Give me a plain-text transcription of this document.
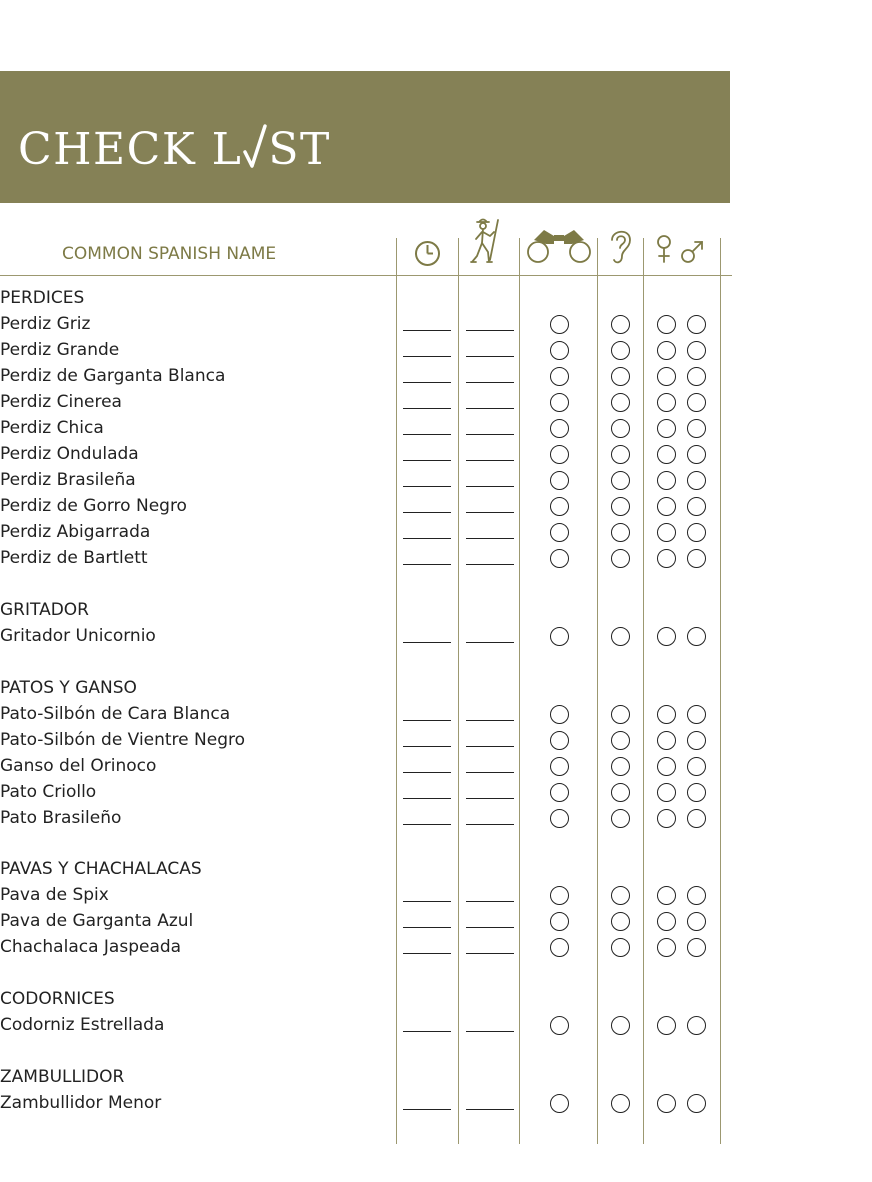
CHECK L ST
COMMON SPANISH NAME
PERDICES
Perdiz Griz
Perdiz Grande
Perdiz de Garganta Blanca
Perdiz Cinerea
Perdiz Chica
Perdiz Ondulada
Perdiz Brasileña
Perdiz de Gorro Negro
Perdiz Abigarrada
Perdiz de Bartlett
GRITADOR
Gritador Unicornio
PATOS Y GANSO
Pato-Silbón de Cara Blanca
Pato-Silbón de Vientre Negro
Ganso del Orinoco
Pato Criollo
Pato Brasileño
PAVAS Y CHACHALACAS
Pava de Spix
Pava de Garganta Azul
Chachalaca Jaspeada
CODORNICES
Codorniz Estrellada
ZAMBULLIDOR
Zambullidor Menor
